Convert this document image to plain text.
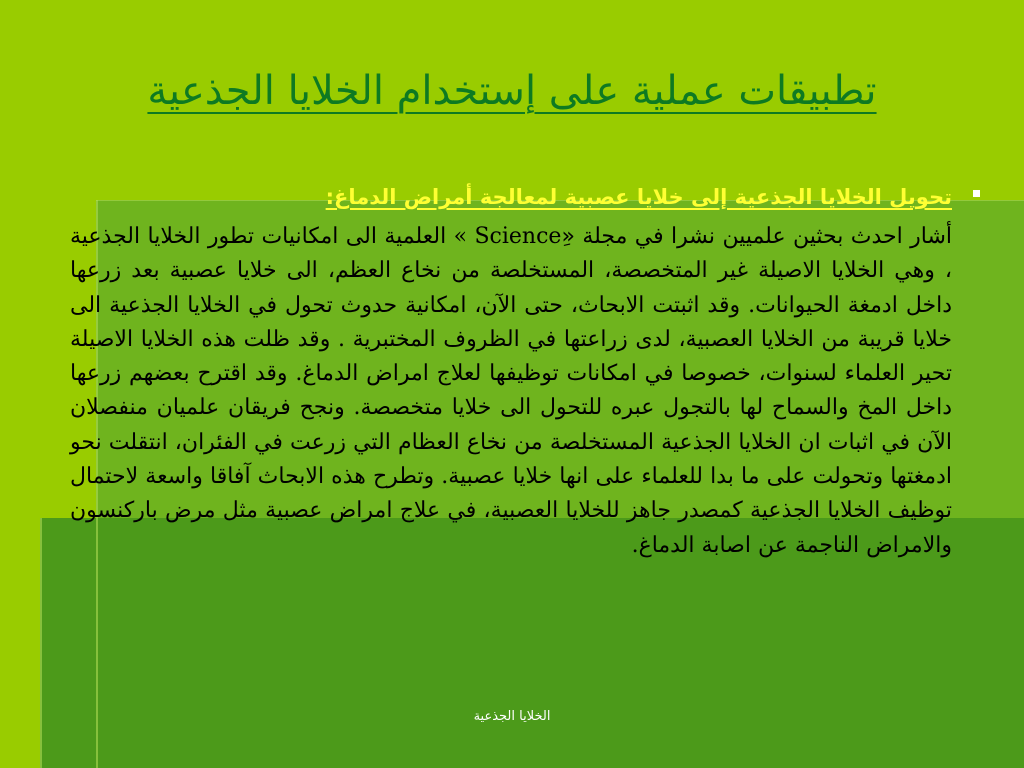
تطبيقات عملية على إستخدام الخلايا الجذعية

تحويل الخلايا الجذعية إلى خلايا عصبية لمعالجة أمراض الدماغ:

أشار احدث بحثين علميين نشرا في مجلة «ِScience » العلمية الى امكانيات تطور الخلايا الجذعية ، وهي الخلايا الاصيلة غير المتخصصة، المستخلصة من نخاع العظم، الى خلايا عصبية بعد زرعها داخل ادمغة الحيوانات. وقد اثبتت الابحاث، حتى الآن، امكانية حدوث تحول في الخلايا الجذعية الى خلايا قريبة من الخلايا العصبية، لدى زراعتها في الظروف المختبرية . وقد ظلت هذه الخلايا الاصيلة تحير العلماء لسنوات، خصوصا في امكانات توظيفها لعلاج امراض الدماغ. وقد اقترح بعضهم زرعها داخل المخ والسماح لها بالتجول عبره للتحول الى خلايا متخصصة. ونجح فريقان علميان منفصلان الآن في اثبات ان الخلايا الجذعية المستخلصة من نخاع العظام التي زرعت في الفئران، انتقلت نحو ادمغتها وتحولت على ما بدا للعلماء على انها خلايا عصبية. وتطرح هذه الابحاث آفاقا واسعة لاحتمال توظيف الخلايا الجذعية كمصدر جاهز للخلايا العصبية، في علاج امراض عصبية مثل مرض باركنسون والامراض الناجمة عن اصابة الدماغ.

الخلايا الجذعية
